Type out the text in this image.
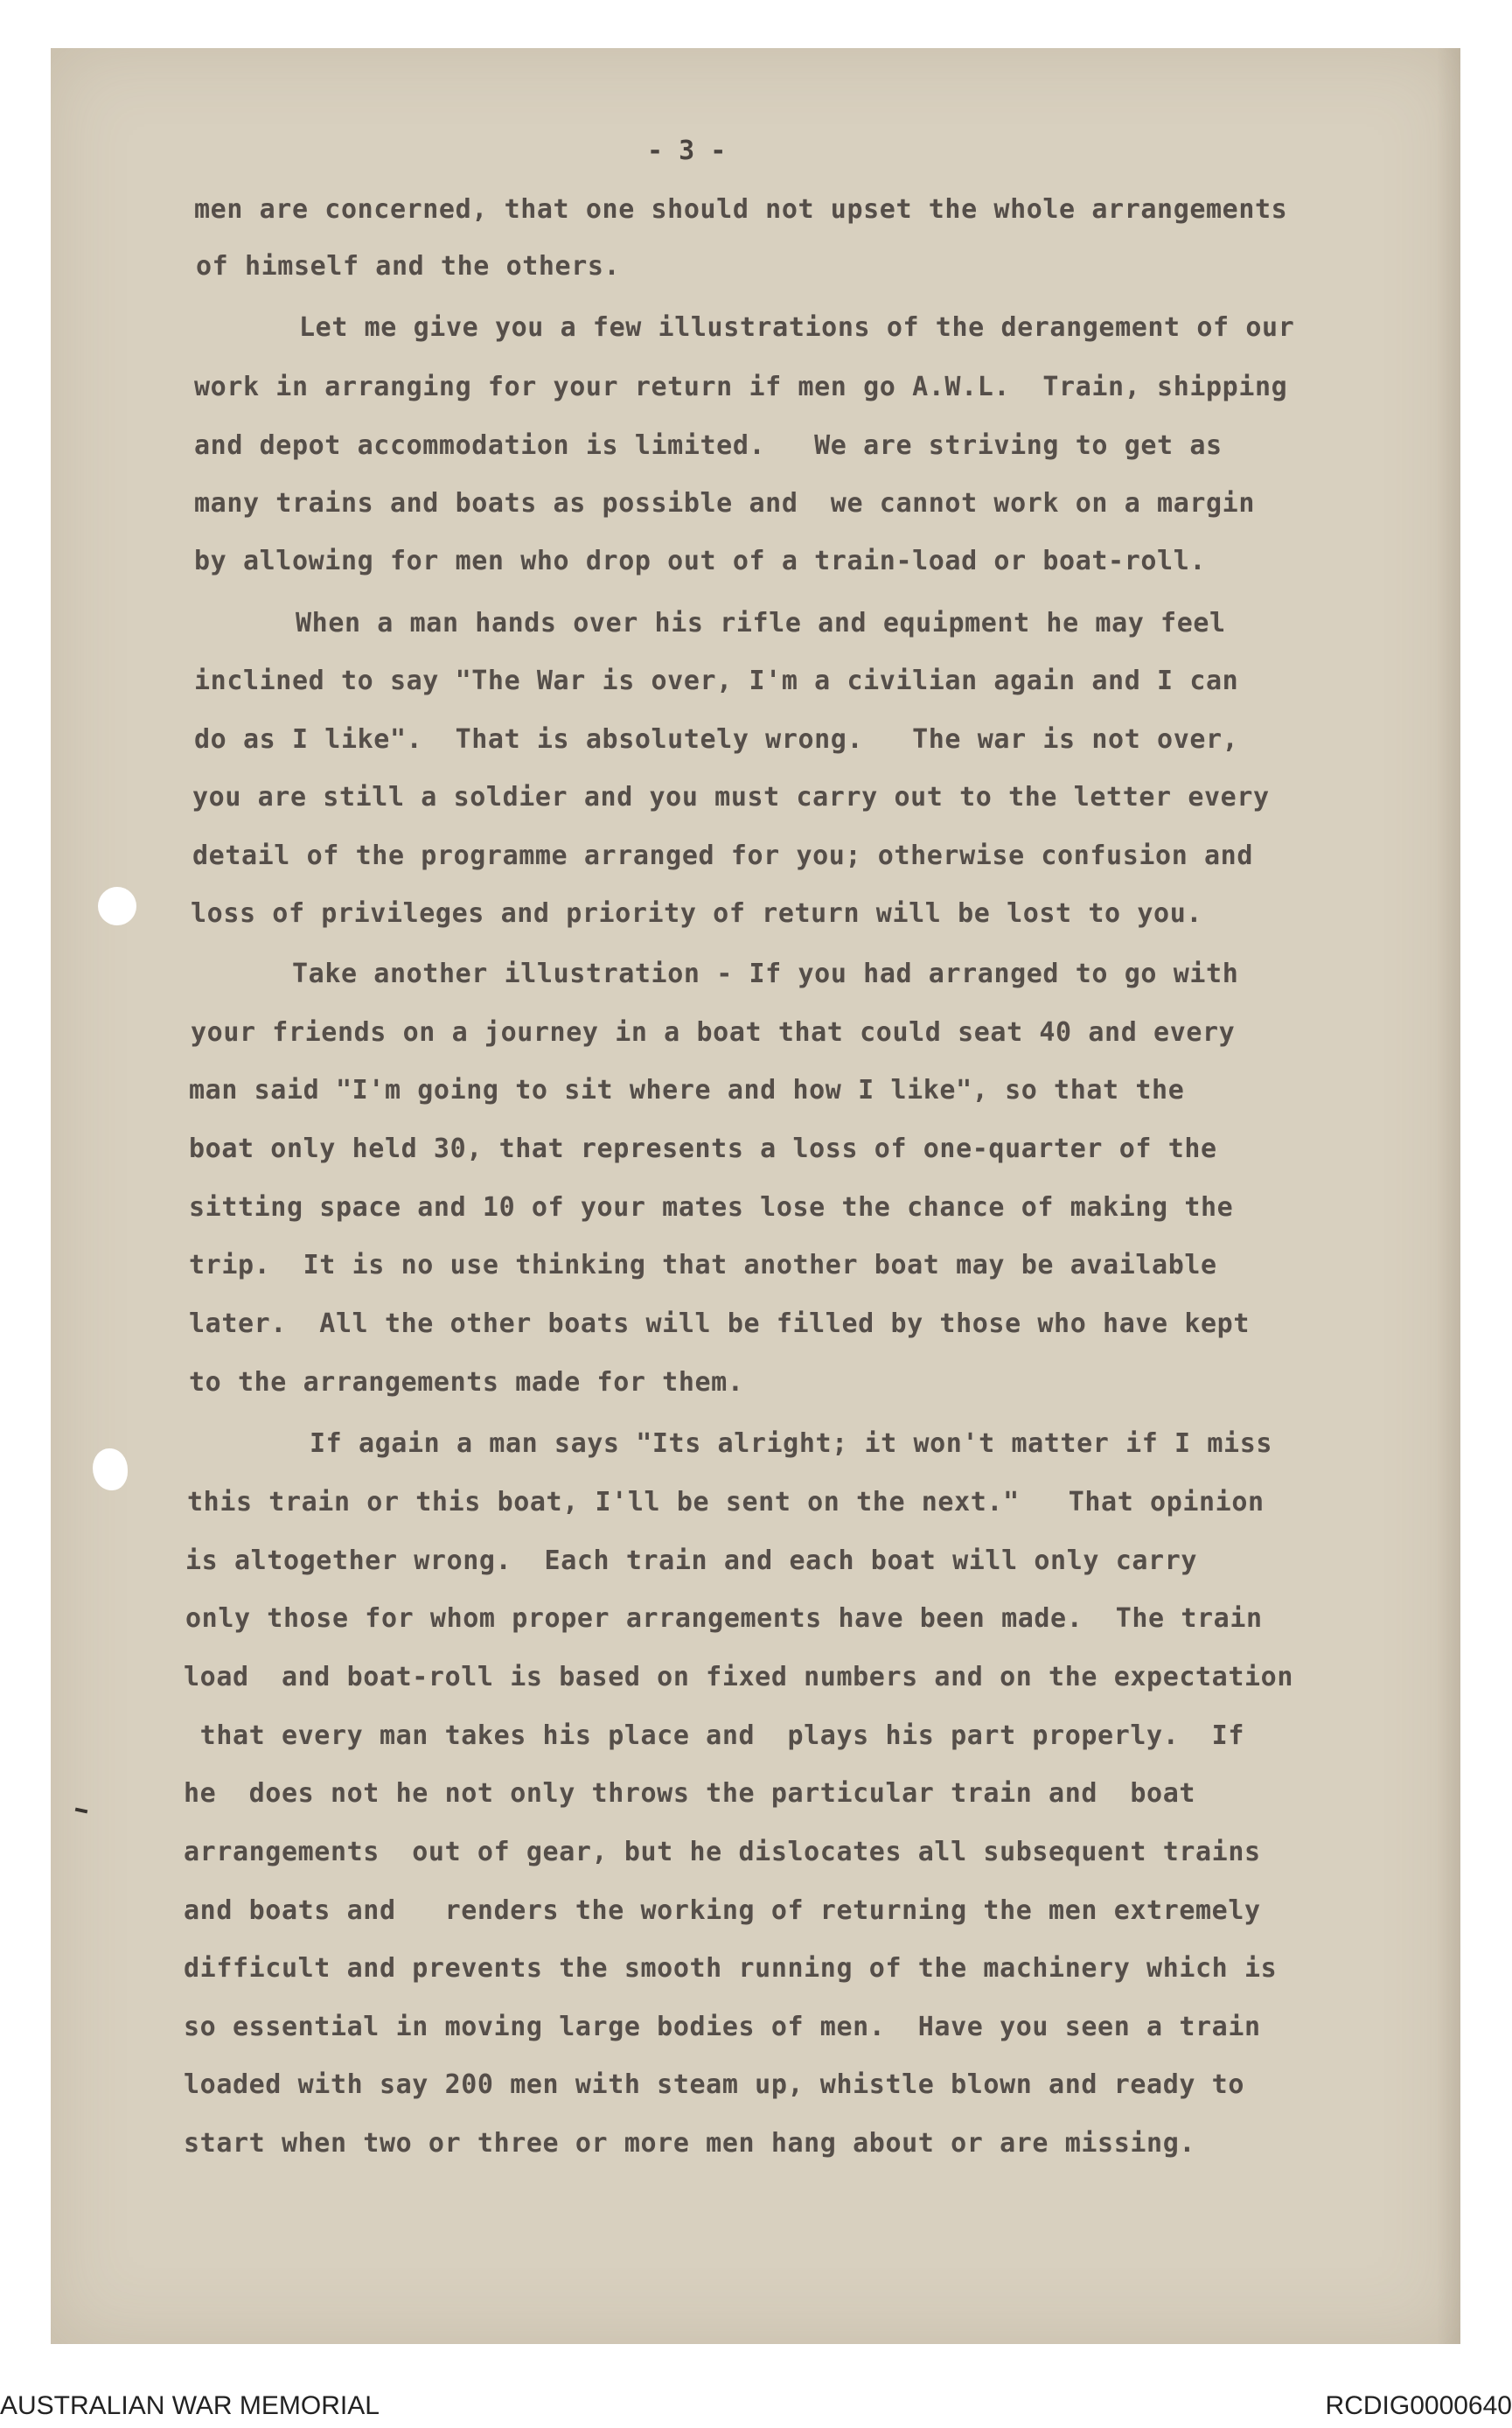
- 3 -
men are concerned, that one should not upset the whole arrangements
of himself and the others.
Let me give you a few illustrations of the derangement of our
work in arranging for your return if men go A.W.L.  Train, shipping
and depot accommodation is limited.   We are striving to get as
many trains and boats as possible and  we cannot work on a margin
by allowing for men who drop out of a train-load or boat-roll.
When a man hands over his rifle and equipment he may feel
inclined to say "The War is over, I'm a civilian again and I can
do as I like".  That is absolutely wrong.   The war is not over,
you are still a soldier and you must carry out to the letter every
detail of the programme arranged for you; otherwise confusion and
loss of privileges and priority of return will be lost to you.
Take another illustration - If you had arranged to go with
your friends on a journey in a boat that could seat 40 and every
man said "I'm going to sit where and how I like", so that the
boat only held 30, that represents a loss of one-quarter of the
sitting space and 10 of your mates lose the chance of making the
trip.  It is no use thinking that another boat may be available
later.  All the other boats will be filled by those who have kept
to the arrangements made for them.
If again a man says "Its alright; it won't matter if I miss
this train or this boat, I'll be sent on the next."   That opinion
is altogether wrong.  Each train and each boat will only carry
only those for whom proper arrangements have been made.  The train
load  and boat-roll is based on fixed numbers and on the expectation
that every man takes his place and  plays his part properly.  If
he  does not he not only throws the particular train and  boat
arrangements  out of gear, but he dislocates all subsequent trains
and boats and   renders the working of returning the men extremely
difficult and prevents the smooth running of the machinery which is
so essential in moving large bodies of men.  Have you seen a train
loaded with say 200 men with steam up, whistle blown and ready to
start when two or three or more men hang about or are missing.
AUSTRALIAN WAR MEMORIAL	RCDIG0000640
